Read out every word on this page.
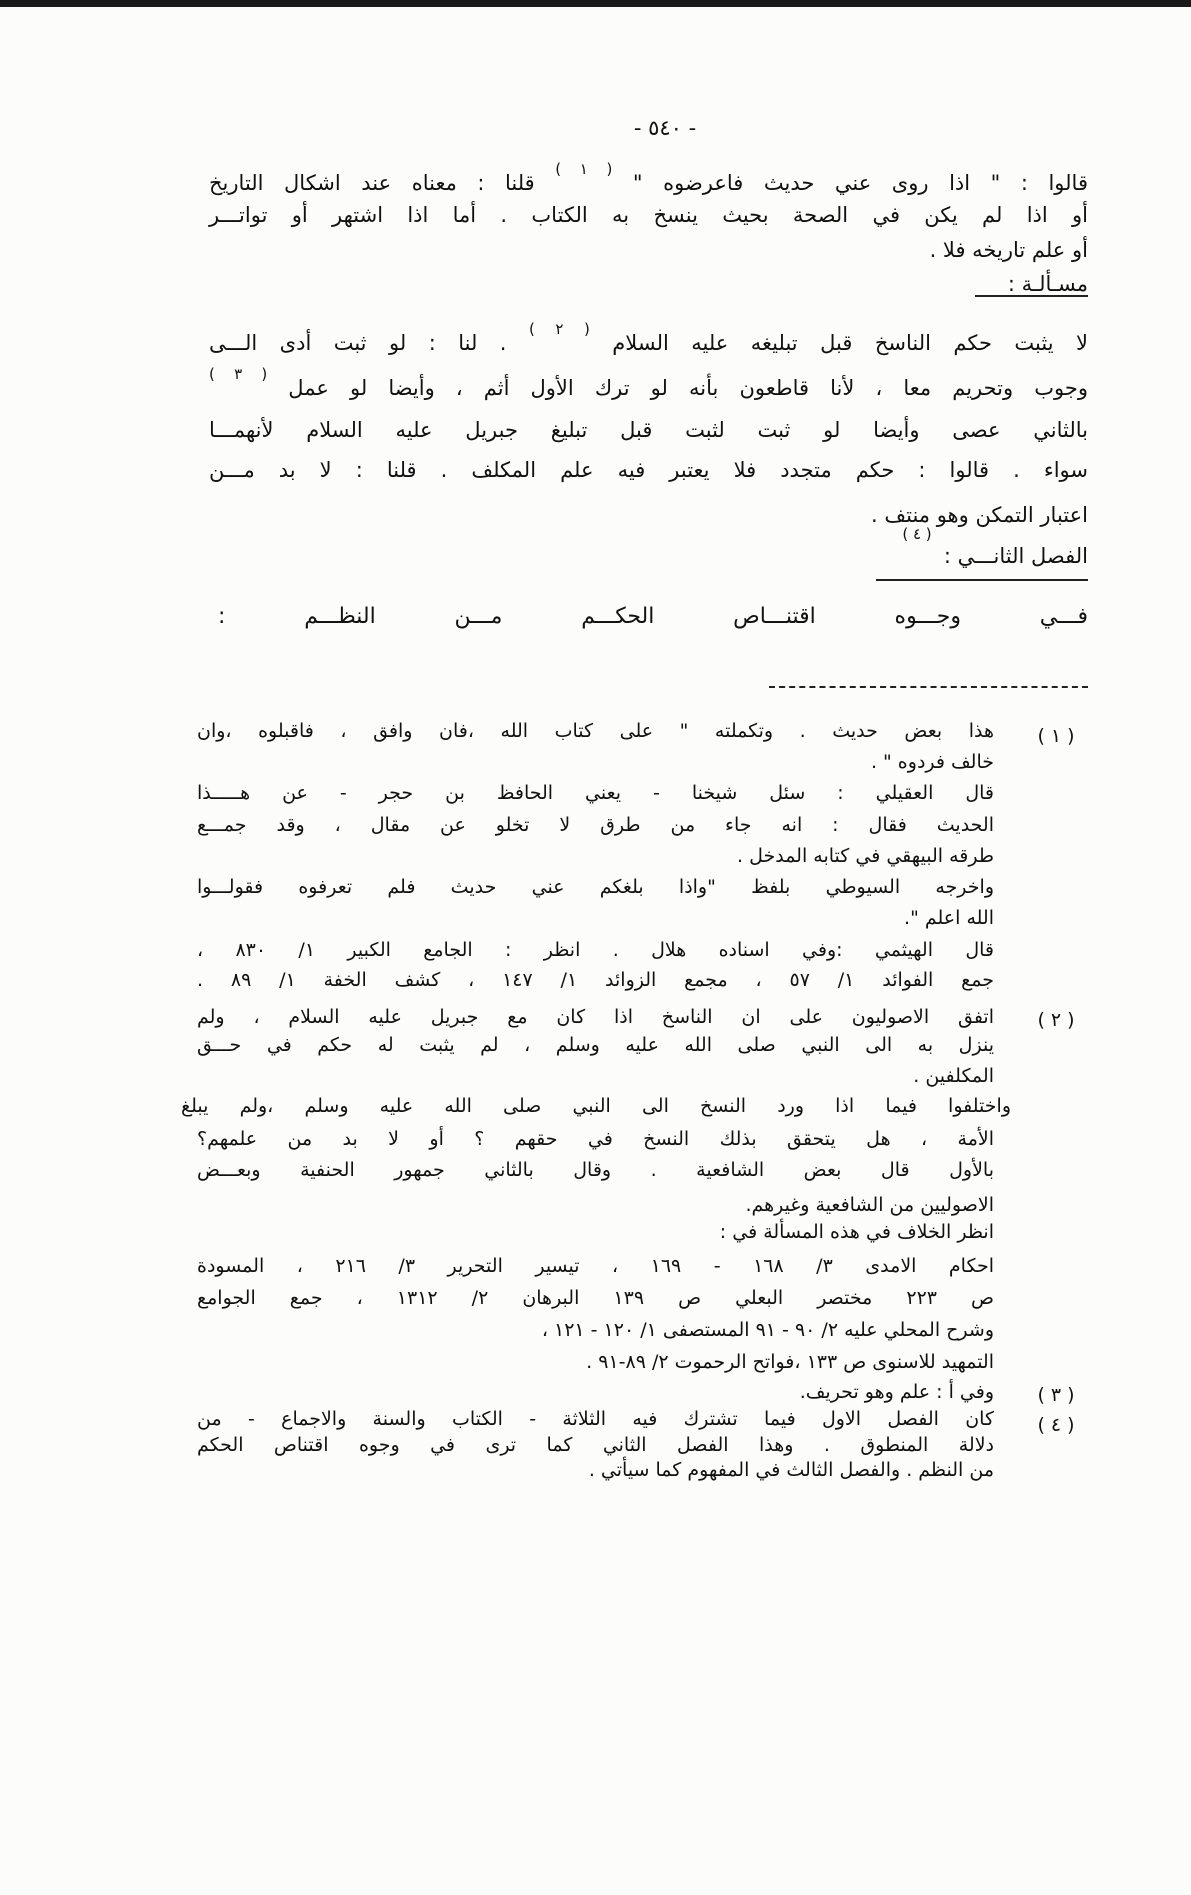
- ٥٤٠ -
قالوا : " اذا روى عني حديث فاعرضوه " $^{( ١ )}$ قلنا : معناه عند اشكال التاريخ
أو اذا لم يكن في الصحة بحيث ينسخ به الكتاب . أما اذا اشتهر أو تواتـــر
أو علم تاريخه فلا .
مسـألـة :
لا يثبت حكم الناسخ قبل تبليغه عليه السلام $^{( ٢ )}$ . لنا : لو ثبت أدى الـــى
وجوب وتحريم معا ، لأنا قاطعون بأنه لو ترك الأول أثم ، وأيضا لو عمل $^{( ٣ )}$
بالثاني عصى وأيضا لو ثبت لثبت قبل تبليغ جبريل عليه السلام لأنهمـــا
سواء . قالوا : حكم متجدد فلا يعتبر فيه علم المكلف . قلنا : لا بد مـــن
اعتبار التمكن وهو منتف .
( ٤ )
الفصل الثانـــي :
فـــي وجـــوه اقتنـــاص الحكـــم مـــن النظـــم :
( ١ )
هذا بعض حديث . وتكملته " على كتاب الله ،فان وافق ، فاقبلوه ،وان
خالف فردوه " .
قال العقيلي : سئل شيخنا - يعني الحافظ بن حجر - عن هـــــذا
الحديث فقال : انه جاء من طرق لا تخلو عن مقال ، وقد جمـــع
طرقه البيهقي في كتابه المدخل .
واخرجه السيوطي بلفظ "واذا بلغكم عني حديث فلم تعرفوه فقولـــوا
الله اعلم ".
قال الهيثمي :وفي اسناده هلال . انظر : الجامع الكبير ١/ ٨٣٠ ،
جمع الفوائد ١/ ٥٧ ، مجمع الزوائد ١/ ١٤٧ ، كشف الخفة ١/ ٨٩ .
( ٢ )
اتفق الاصوليون على ان الناسخ اذا كان مع جبريل عليه السلام ، ولم
ينزل به الى النبي صلى الله عليه وسلم ، لم يثبت له حكم في حـــق
المكلفين .
واختلفوا فيما اذا ورد النسخ الى النبي صلى الله عليه وسلم ،ولم يبلغ
الأمة ، هل يتحقق بذلك النسخ في حقهم ؟ أو لا بد من علمهم؟
بالأول قال بعض الشافعية . وقال بالثاني جمهور الحنفية وبعـــض
الاصوليين من الشافعية وغيرهم.
انظر الخلاف في هذه المسألة في :
احكام الامدى ٣/ ١٦٨ - ١٦٩ ، تيسير التحرير ٣/ ٢١٦ ، المسودة
ص ٢٢٣ مختصر البعلي ص ١٣٩ البرهان ٢/ ١٣١٢ ، جمع الجوامع
وشرح المحلي عليه ٢/ ٩٠ - ٩١ المستصفى ١/ ١٢٠ - ١٢١ ،
التمهيد للاسنوى ص ١٣٣ ،فواتح الرحموت ٢/ ٨٩-٩١ .
( ٣ )
وفي أ : علم وهو تحريف.
( ٤ )
كان الفصل الاول فيما تشترك فيه الثلاثة - الكتاب والسنة والاجماع - من
دلالة المنطوق . وهذا الفصل الثاني كما ترى في وجوه اقتناص الحكم
من النظم . والفصل الثالث في المفهوم كما سيأتي .
